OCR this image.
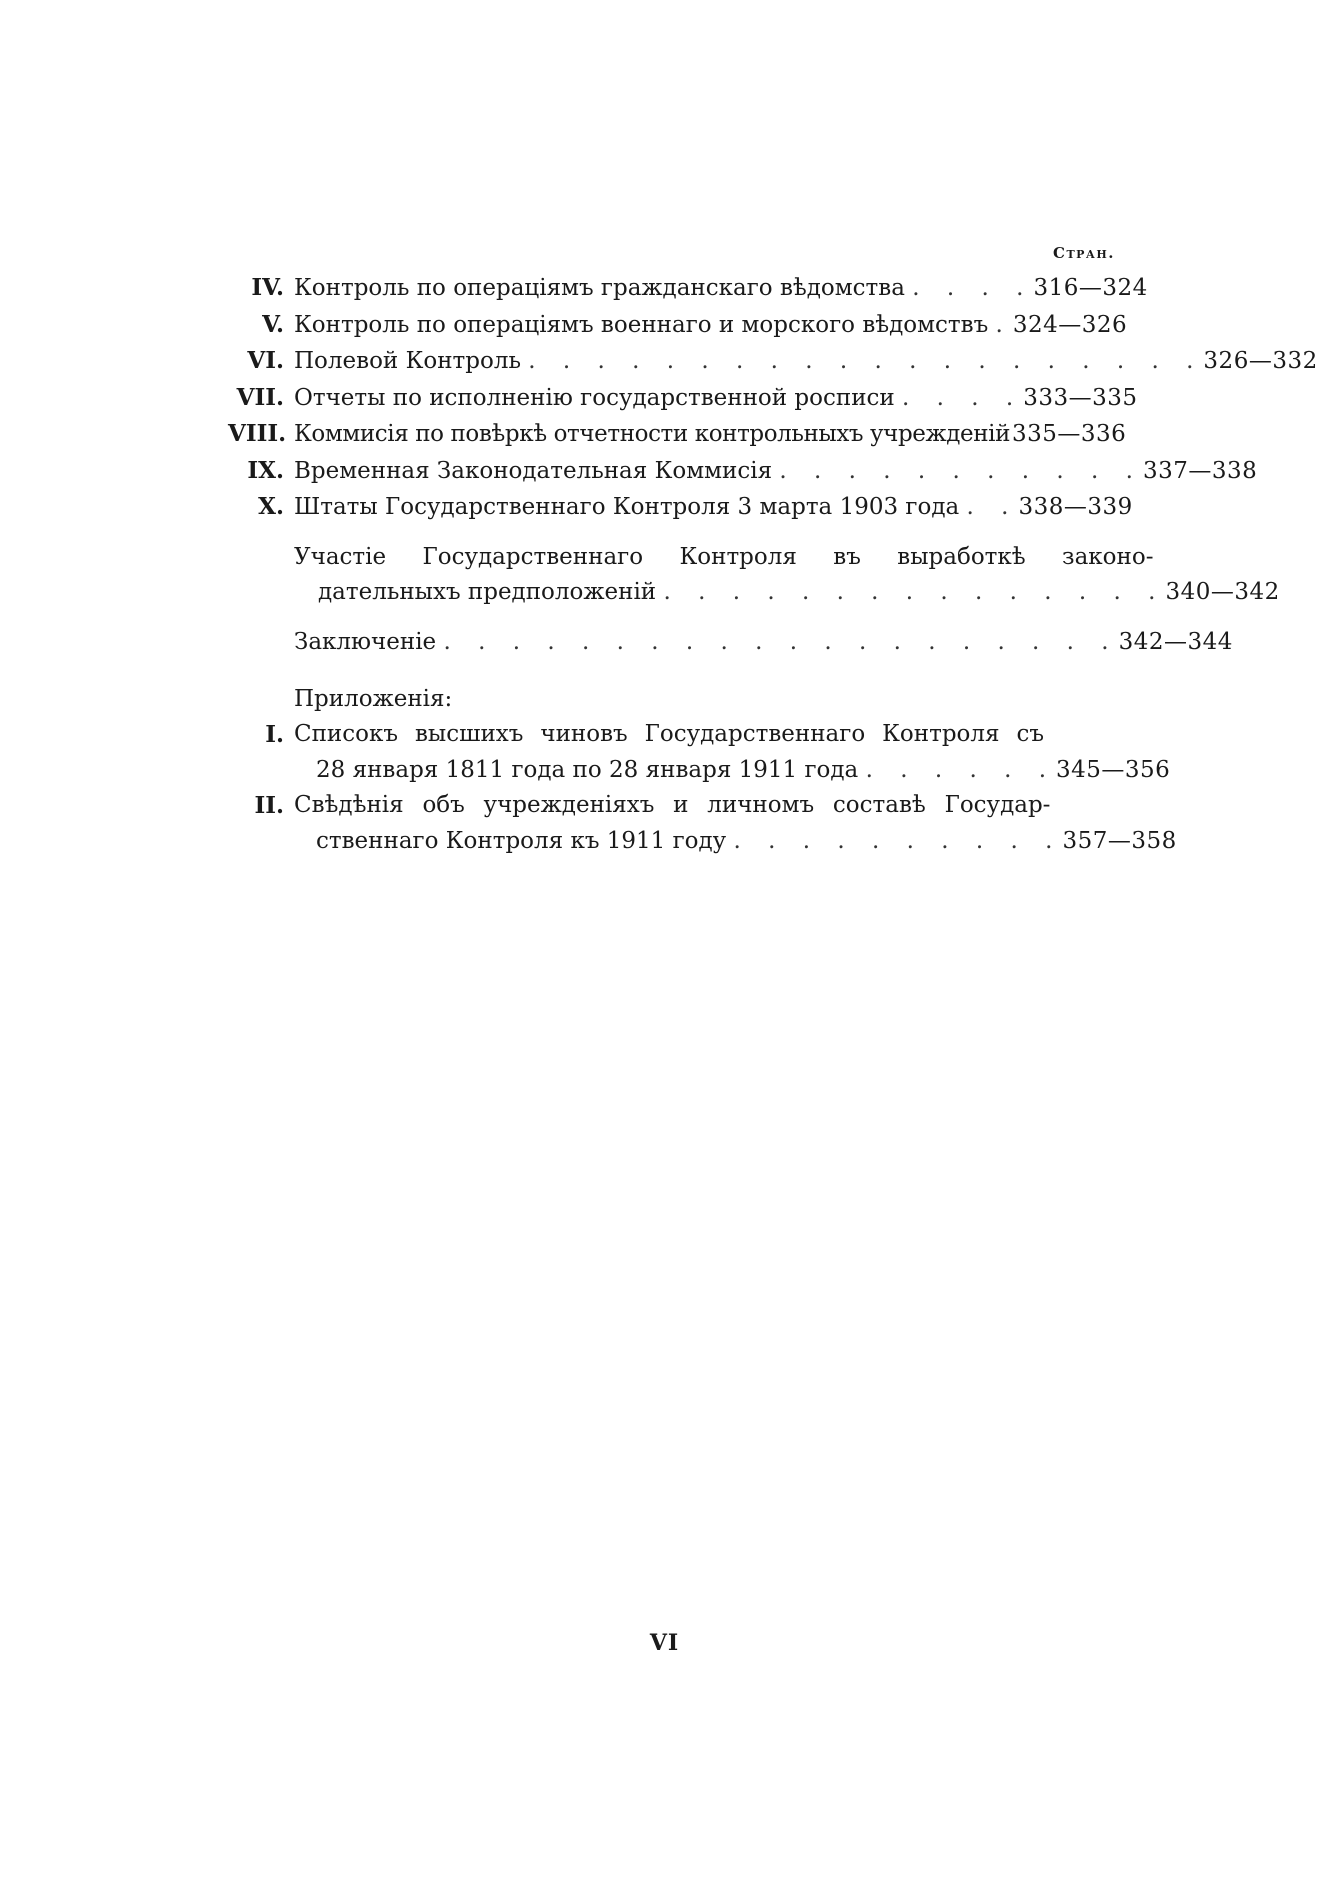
Стран.
IV. Контроль по операціямъ гражданскаго вѣдомства . . . . 316—324
V. Контроль по операціямъ военнаго и морского вѣдомствъ . 324—326
VI. Полевой Контроль . . . . . . . . . . . . . . . . . . . . 326—332
VII. Отчеты по исполненію государственной росписи . . . . 333—335
VIII. Коммисія по повѣркѣ отчетности контрольныхъ учрежденій 335—336
IX. Временная Законодательная Коммисія . . . . . . . . . . . 337—338
X. Штаты Государственнаго Контроля 3 марта 1903 года . . 338—339
Участіе Государственнаго Контроля въ выработкѣ законо-
дательныхъ предположеній . . . . . . . . . . . . . . . 340—342
Заключеніе . . . . . . . . . . . . . . . . . . . . 342—344
Приложенія:
I. Списокъ высшихъ чиновъ Государственнаго Контроля съ
28 января 1811 года по 28 января 1911 года . . . . . . 345—356
II. Свѣдѣнія объ учрежденіяхъ и личномъ составѣ Государ-
ственнаго Контроля къ 1911 году . . . . . . . . . . 357—358
VI
